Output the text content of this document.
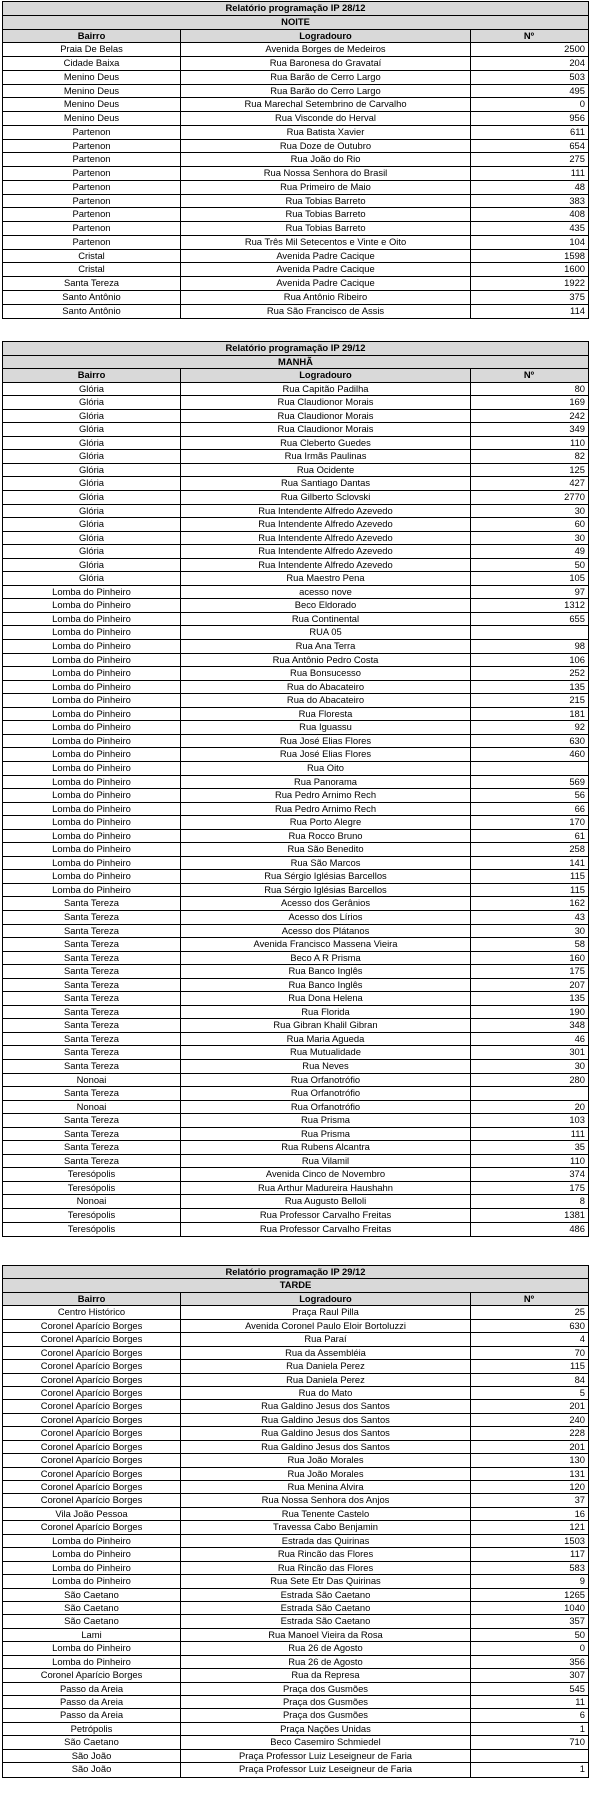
Relatório programação IP 28/12
NOITE
Bairro	Logradouro	Nº
Praia De Belas	Avenida Borges de Medeiros	2500
Cidade Baixa	Rua Baronesa do Gravataí	204
Menino Deus	Rua Barão de Cerro Largo	503
Menino Deus	Rua Barão do Cerro Largo	495
Menino Deus	Rua Marechal Setembrino de Carvalho	0
Menino Deus	Rua Visconde do Herval	956
Partenon	Rua Batista Xavier	611
Partenon	Rua Doze de Outubro	654
Partenon	Rua João do Rio	275
Partenon	Rua Nossa Senhora do Brasil	111
Partenon	Rua Primeiro de Maio	48
Partenon	Rua Tobias Barreto	383
Partenon	Rua Tobias Barreto	408
Partenon	Rua Tobias Barreto	435
Partenon	Rua Três Mil Setecentos e Vinte e Oito	104
Cristal	Avenida Padre Cacique	1598
Cristal	Avenida Padre Cacique	1600
Santa Tereza	Avenida Padre Cacique	1922
Santo Antônio	Rua Antônio Ribeiro	375
Santo Antônio	Rua São Francisco de Assis	114
Relatório programação IP 29/12
MANHÃ
Bairro	Logradouro	Nº
Glória	Rua Capitão Padilha	80
Glória	Rua Claudionor Morais	169
Glória	Rua Claudionor Morais	242
Glória	Rua Claudionor Morais	349
Glória	Rua Cleberto Guedes	110
Glória	Rua Irmãs Paulinas	82
Glória	Rua Ocidente	125
Glória	Rua Santiago Dantas	427
Glória	Rua Gilberto Sclovski	2770
Glória	Rua Intendente Alfredo Azevedo	30
Glória	Rua Intendente Alfredo Azevedo	60
Glória	Rua Intendente Alfredo Azevedo	30
Glória	Rua Intendente Alfredo Azevedo	49
Glória	Rua Intendente Alfredo Azevedo	50
Glória	Rua Maestro Pena	105
Lomba do Pinheiro	acesso nove	97
Lomba do Pinheiro	Beco Eldorado	1312
Lomba do Pinheiro	Rua Continental	655
Lomba do Pinheiro	RUA 05
Lomba do Pinheiro	Rua Ana Terra	98
Lomba do Pinheiro	Rua Antônio Pedro Costa	106
Lomba do Pinheiro	Rua Bonsucesso	252
Lomba do Pinheiro	Rua do Abacateiro	135
Lomba do Pinheiro	Rua do Abacateiro	215
Lomba do Pinheiro	Rua Floresta	181
Lomba do Pinheiro	Rua Iguassu	92
Lomba do Pinheiro	Rua José Elias Flores	630
Lomba do Pinheiro	Rua José Elias Flores	460
Lomba do Pinheiro	Rua Oito
Lomba do Pinheiro	Rua Panorama	569
Lomba do Pinheiro	Rua Pedro Arnimo Rech	56
Lomba do Pinheiro	Rua Pedro Arnimo Rech	66
Lomba do Pinheiro	Rua Porto Alegre	170
Lomba do Pinheiro	Rua Rocco Bruno	61
Lomba do Pinheiro	Rua São Benedito	258
Lomba do Pinheiro	Rua São Marcos	141
Lomba do Pinheiro	Rua Sérgio Iglésias Barcellos	115
Lomba do Pinheiro	Rua Sérgio Iglésias Barcellos	115
Santa Tereza	Acesso dos Gerânios	162
Santa Tereza	Acesso dos Lírios	43
Santa Tereza	Acesso dos Plátanos	30
Santa Tereza	Avenida Francisco Massena Vieira	58
Santa Tereza	Beco A R Prisma	160
Santa Tereza	Rua Banco Inglês	175
Santa Tereza	Rua Banco Inglês	207
Santa Tereza	Rua Dona Helena	135
Santa Tereza	Rua Florida	190
Santa Tereza	Rua Gibran Khalil Gibran	348
Santa Tereza	Rua Maria Agueda	46
Santa Tereza	Rua Mutualidade	301
Santa Tereza	Rua Neves	30
Nonoai	Rua Orfanotrófio	280
Santa Tereza	Rua Orfanotrófio
Nonoai	Rua Orfanotrófio	20
Santa Tereza	Rua Prisma	103
Santa Tereza	Rua Prisma	111
Santa Tereza	Rua Rubens Alcantra	35
Santa Tereza	Rua Vilamil	110
Teresópolis	Avenida Cinco de Novembro	374
Teresópolis	Rua Arthur Madureira Haushahn	175
Nonoai	Rua Augusto Belloli	8
Teresópolis	Rua Professor Carvalho Freitas	1381
Teresópolis	Rua Professor Carvalho Freitas	486
Relatório programação IP 29/12
TARDE
Bairro	Logradouro	Nº
Centro Histórico	Praça Raul Pilla	25
Coronel Aparício Borges	Avenida Coronel Paulo Eloir Bortoluzzi	630
Coronel Aparício Borges	Rua Paraí	4
Coronel Aparício Borges	Rua da Assembléia	70
Coronel Aparício Borges	Rua Daniela Perez	115
Coronel Aparício Borges	Rua Daniela Perez	84
Coronel Aparício Borges	Rua do Mato	5
Coronel Aparício Borges	Rua Galdino Jesus dos Santos	201
Coronel Aparício Borges	Rua Galdino Jesus dos Santos	240
Coronel Aparício Borges	Rua Galdino Jesus dos Santos	228
Coronel Aparício Borges	Rua Galdino Jesus dos Santos	201
Coronel Aparício Borges	Rua João Morales	130
Coronel Aparício Borges	Rua João Morales	131
Coronel Aparício Borges	Rua Menina Alvira	120
Coronel Aparício Borges	Rua Nossa Senhora dos Anjos	37
Vila João Pessoa	Rua Tenente Castelo	16
Coronel Aparício Borges	Travessa Cabo Benjamin	121
Lomba do Pinheiro	Estrada das Quirinas	1503
Lomba do Pinheiro	Rua Rincão das Flores	117
Lomba do Pinheiro	Rua Rincão das Flores	583
Lomba do Pinheiro	Rua Sete Etr Das Quirinas	9
São Caetano	Estrada São Caetano	1265
São Caetano	Estrada São Caetano	1040
São Caetano	Estrada São Caetano	357
Lami	Rua Manoel Vieira da Rosa	50
Lomba do Pinheiro	Rua 26 de Agosto	0
Lomba do Pinheiro	Rua 26 de Agosto	356
Coronel Aparício Borges	Rua da Represa	307
Passo da Areia	Praça dos Gusmões	545
Passo da Areia	Praça dos Gusmões	11
Passo da Areia	Praça dos Gusmões	6
Petrópolis	Praça Nações Unidas	1
São Caetano	Beco Casemiro Schmiedel	710
São João	Praça Professor Luiz Leseigneur de Faria
São João	Praça Professor Luiz Leseigneur de Faria	1
